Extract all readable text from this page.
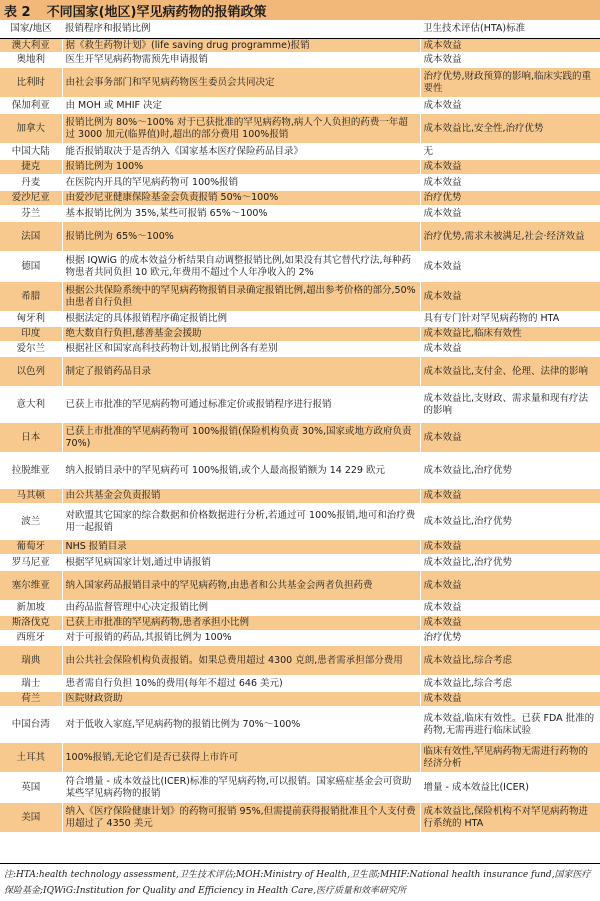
表 2 不同国家(地区)罕见病药物的报销政策
国家/地区	报销程序和报销比例	卫生技术评估(HTA)标准
澳大利亚	据《救生药物计划》(life saving drug programme)报销	成本效益
奥地利	医生开罕见病药物需预先申请报销	成本效益
比利时	由社会事务部门和罕见病药物医生委员会共同决定	治疗优势,财政预算的影响,临床实践的重要性
保加利亚	由 MOH 或 MHIF 决定	成本效益
加拿大	报销比例为 80%～100% 对于已获批准的罕见病药物,病人个人负担的药费一年超过 3000 加元(临界值)时,超出的部分费用 100%报销	成本效益比,安全性,治疗优势
中国大陆	能否报销取决于是否纳入《国家基本医疗保险药品目录》	无
捷克	报销比例为 100%	成本效益
丹麦	在医院内开具的罕见病药物可 100%报销	成本效益
爱沙尼亚	由爱沙尼亚健康保险基金会负责报销 50%～100%	治疗优势
芬兰	基本报销比例为 35%,某些可报销 65%～100%	成本效益
法国	报销比例为 65%～100%	治疗优势,需求未被满足,社会·经济效益
德国	根据 IQWiG 的成本效益分析结果自动调整报销比例,如果没有其它替代疗法,每种药物患者共同负担 10 欧元,年费用不超过个人年净收入的 2%	成本效益
希腊	根据公共保险系统中的罕见病药物报销目录确定报销比例,超出参考价格的部分,50%由患者自行负担	成本效益
匈牙利	根据法定的具体报销程序确定报销比例	具有专门针对罕见病药物的 HTA
印度	绝大数自行负担,慈善基金会援助	成本效益比,临床有效性
爱尔兰	根据社区和国家高科技药物计划,报销比例各有差别	成本效益
以色列	制定了报销药品目录	成本效益比,支付金、伦理、法律的影响
意大利	已获上市批准的罕见病药物可通过标准定价或报销程序进行报销	成本效益比,支财政、需求量和现有疗法的影响
日本	已获上市批准的罕见病药物可 100%报销(保险机构负责 30%,国家或地方政府负责 70%)	成本效益
拉脱维亚	纳入报销目录中的罕见病药可 100%报销,或个人最高报销额为 14 229 欧元	成本效益比,治疗优势
马其顿	由公共基金会负责报销	成本效益
波兰	对欧盟其它国家的综合数据和价格数据进行分析,若通过可 100%报销,地可和治疗费用一起报销	成本效益比,治疗优势
葡萄牙	NHS 报销目录	成本效益
罗马尼亚	根据罕见病国家计划,通过申请报销	成本效益比,治疗优势
塞尔维亚	纳入国家药品报销目录中的罕见病药物,由患者和公共基金会两者负担药费	成本效益
新加坡	由药品监督管理中心决定报销比例	成本效益
斯洛伐克	已获上市批准的罕见病药物,患者承担小比例	成本效益
西班牙	对于可报销的药品,其报销比例为 100%	治疗优势
瑞典	由公共社会保险机构负责报销。如果总费用超过 4300 克朗,患者需承担部分费用	成本效益比,综合考虑
瑞士	患者需自行负担 10%的费用(每年不超过 646 美元)	成本效益比,综合考虑
荷兰	医院财政资助	成本效益
中国台湾	对于低收入家庭,罕见病药物的报销比例为 70%～100%	成本效益,临床有效性。已获 FDA 批准的药物,无需再进行临床试验
土耳其	100%报销,无论它们是否已获得上市许可	临床有效性,罕见病药物无需进行药物的经济分析
英国	符合增量 - 成本效益比(ICER)标准的罕见病药物,可以报销。国家癌症基金会可资助某些罕见病药物的报销	增量 - 成本效益比(ICER)
美国	纳入《医疗保险健康计划》的药物可报销 95%,但需提前获得报销批准且个人支付费用超过了 4350 美元	成本效益比,保险机构不对罕见病药物进行系统的 HTA
注:HTA:health technology assessment,卫生技术评估;MOH:Ministry of Health,卫生部;MHIF:National health insurance fund,国家医疗保险基金;IQWiG:Institution for Quality and Efficiency in Health Care,医疗质量和效率研究所
